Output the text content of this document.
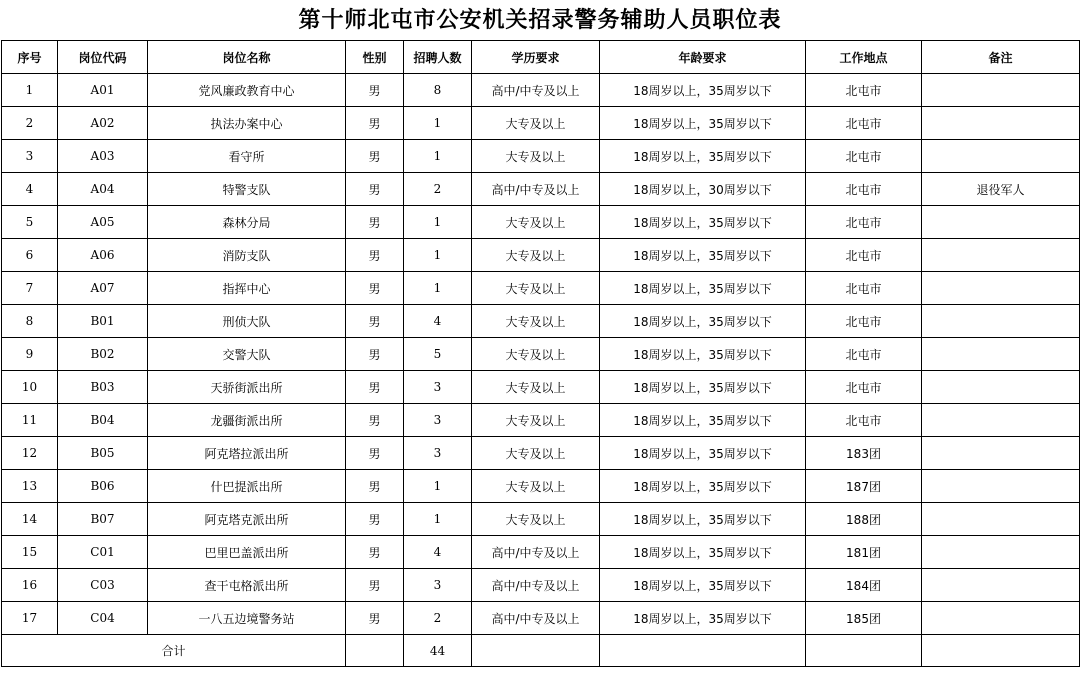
第十师北屯市公安机关招录警务辅助人员职位表
序号	岗位代码	岗位名称	性别	招聘人数	学历要求	年龄要求	工作地点	备注
1	A01	党风廉政教育中心	男	8	高中/中专及以上	18周岁以上，35周岁以下	北屯市	
2	A02	执法办案中心	男	1	大专及以上	18周岁以上，35周岁以下	北屯市	
3	A03	看守所	男	1	大专及以上	18周岁以上，35周岁以下	北屯市	
4	A04	特警支队	男	2	高中/中专及以上	18周岁以上，30周岁以下	北屯市	退役军人
5	A05	森林分局	男	1	大专及以上	18周岁以上，35周岁以下	北屯市	
6	A06	消防支队	男	1	大专及以上	18周岁以上，35周岁以下	北屯市	
7	A07	指挥中心	男	1	大专及以上	18周岁以上，35周岁以下	北屯市	
8	B01	刑侦大队	男	4	大专及以上	18周岁以上，35周岁以下	北屯市	
9	B02	交警大队	男	5	大专及以上	18周岁以上，35周岁以下	北屯市	
10	B03	天骄街派出所	男	3	大专及以上	18周岁以上，35周岁以下	北屯市	
11	B04	龙疆街派出所	男	3	大专及以上	18周岁以上，35周岁以下	北屯市	
12	B05	阿克塔拉派出所	男	3	大专及以上	18周岁以上，35周岁以下	183团	
13	B06	什巴提派出所	男	1	大专及以上	18周岁以上，35周岁以下	187团	
14	B07	阿克塔克派出所	男	1	大专及以上	18周岁以上，35周岁以下	188团	
15	C01	巴里巴盖派出所	男	4	高中/中专及以上	18周岁以上，35周岁以下	181团	
16	C03	查干屯格派出所	男	3	高中/中专及以上	18周岁以上，35周岁以下	184团	
17	C04	一八五边境警务站	男	2	高中/中专及以上	18周岁以上，35周岁以下	185团	
合计				44				
